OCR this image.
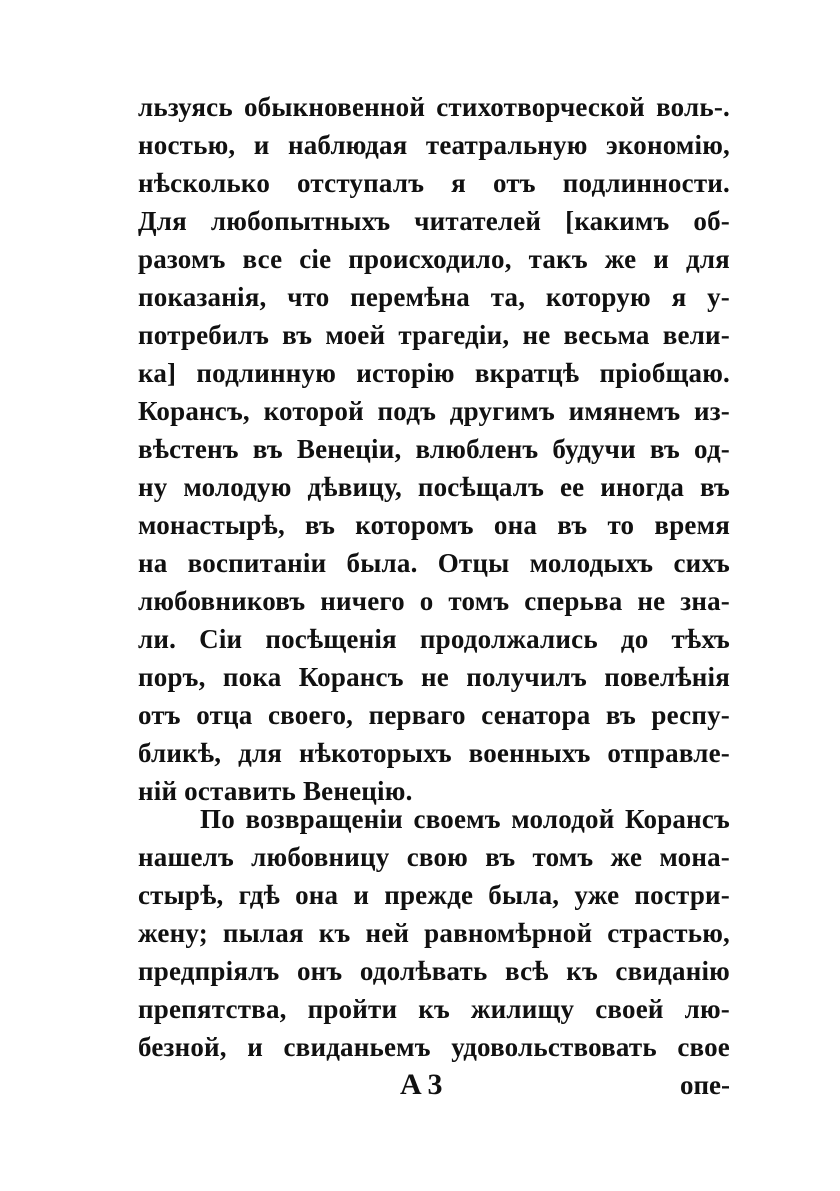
льзуясь обыкновенной стихотворческой воль-.
ностью, и наблюдая театральную экономію,
нѣсколько отступалъ я отъ подлинности.
Для любопытныхъ читателей [какимъ об-
разомъ все сіе происходило, такъ же и для
показанія, что перемѣна та, которую я у-
потребилъ въ моей трагедіи, не весьма вели-
ка] подлинную исторію вкратцѣ пріобщаю.
Корансъ, которой подъ другимъ имянемъ из-
вѣстенъ въ Венеціи, влюбленъ будучи въ од-
ну молодую дѣвицу, посѣщалъ ее иногда въ
монастырѣ, въ которомъ она въ то время
на воспитаніи была. Отцы молодыхъ сихъ
любовниковъ ничего о томъ сперьва не зна-
ли. Сіи посѣщенія продолжались до тѣхъ
поръ, пока Корансъ не получилъ повелѣнія
отъ отца своего, перваго сенатора въ респу-
бликѣ, для нѣкоторыхъ военныхъ отправле-
ній оставить Венецію.
По возвращеніи своемъ молодой Корансъ
нашелъ любовницу свою въ томъ же мона-
стырѣ, гдѣ она и прежде была, уже постри-
жену; пылая къ ней равномѣрной страстью,
предпріялъ онъ одолѣвать всѣ къ свиданію
препятства, пройти къ жилищу своей лю-
безной, и свиданьемъ удовольствовать свое
A 3	опе-
